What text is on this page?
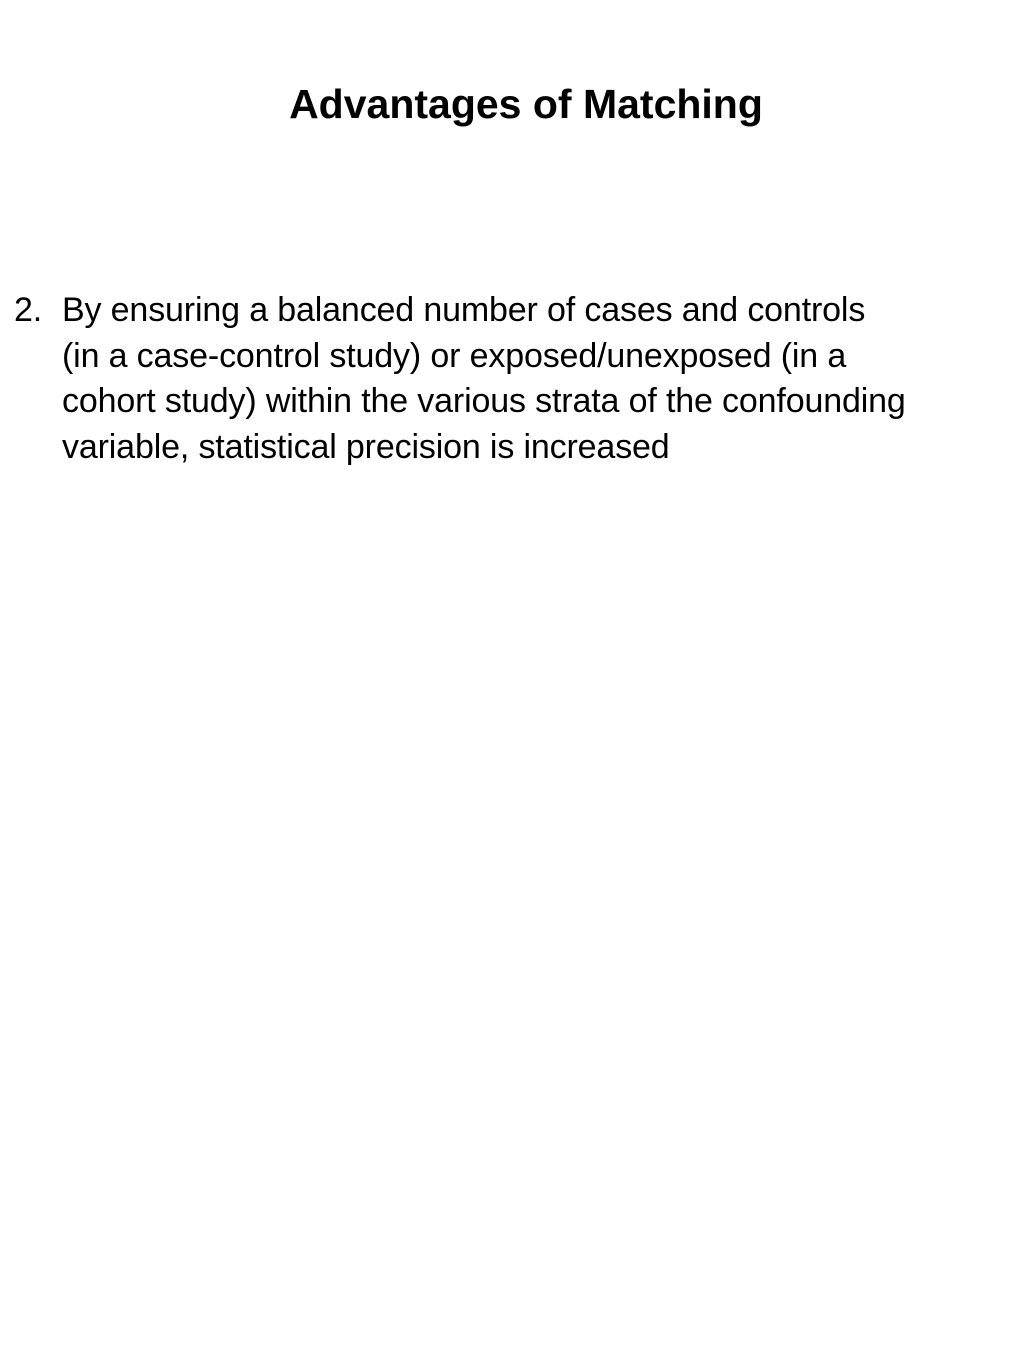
Advantages of Matching
2. By ensuring a balanced number of cases and controls
(in a case-control study) or exposed/unexposed (in a
cohort study) within the various strata of the confounding
variable, statistical precision is increased
